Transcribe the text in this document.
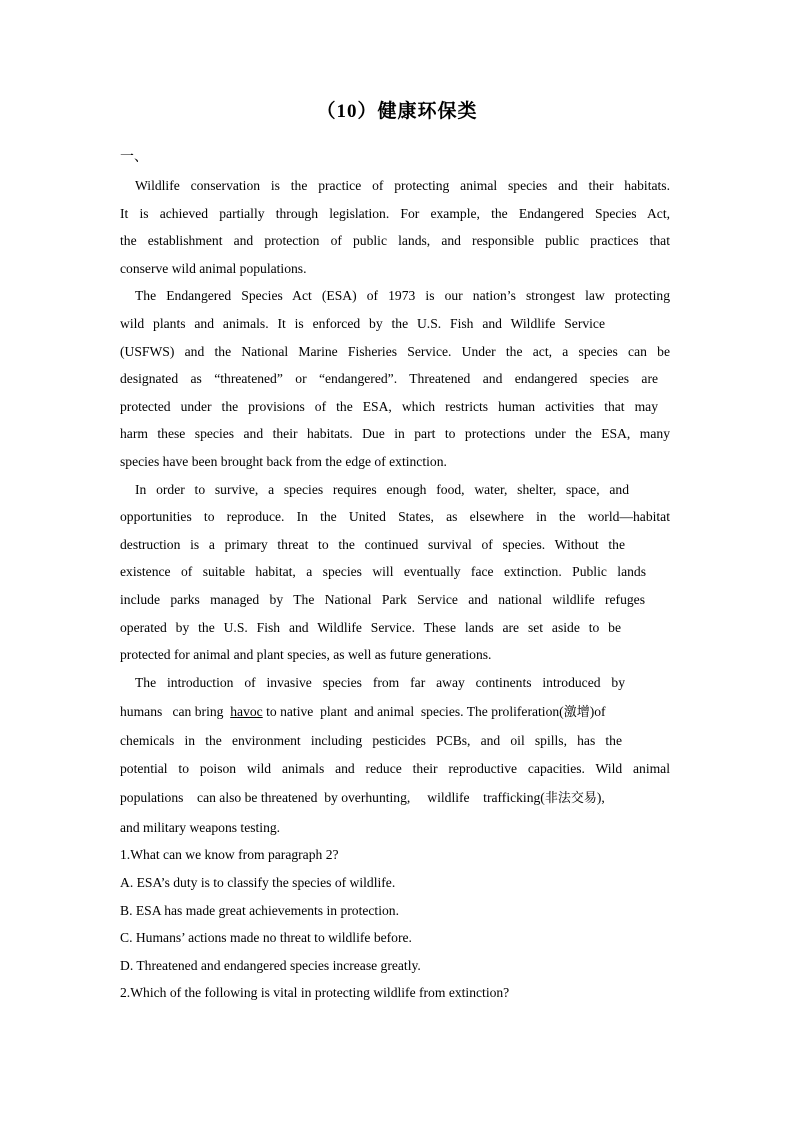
（10）健康环保类
一、
Wildlife conservation is the practice of protecting animal species and their habitats.
It is achieved partially through legislation. For example, the Endangered Species Act,
the establishment and protection of public lands, and responsible public practices that
conserve wild animal populations.
The Endangered Species Act (ESA) of 1973 is our nation’s strongest law protecting
wild plants and animals. It is enforced by the U.S. Fish and Wildlife Service
(USFWS) and the National Marine Fisheries Service. Under the act, a species can be
designated as “threatened” or “endangered”. Threatened and endangered species are
protected under the provisions of the ESA, which restricts human activities that may
harm these species and their habitats. Due in part to protections under the ESA, many
species have been brought back from the edge of extinction.
In order to survive, a species requires enough food, water, shelter, space, and
opportunities to reproduce. In the United States, as elsewhere in the world—habitat
destruction is a primary threat to the continued survival of species. Without the
existence of suitable habitat, a species will eventually face extinction. Public lands
include parks managed by The National Park Service and national wildlife refuges
operated by the U.S. Fish and Wildlife Service. These lands are set aside to be
protected for animal and plant species, as well as future generations.
The introduction of invasive species from far away continents introduced by
humans   can bring  havoc to native  plant  and animal  species. The proliferation(激增)of
chemicals in the environment including pesticides PCBs, and oil spills, has the
potential to poison wild animals and reduce their reproductive capacities. Wild animal
populations    can also be threatened  by overhunting,     wildlife    trafficking(非法交易),
and military weapons testing.
1.What can we know from paragraph 2?
A. ESA’s duty is to classify the species of wildlife.
B. ESA has made great achievements in protection.
C. Humans’ actions made no threat to wildlife before.
D. Threatened and endangered species increase greatly.
2.Which of the following is vital in protecting wildlife from extinction?
